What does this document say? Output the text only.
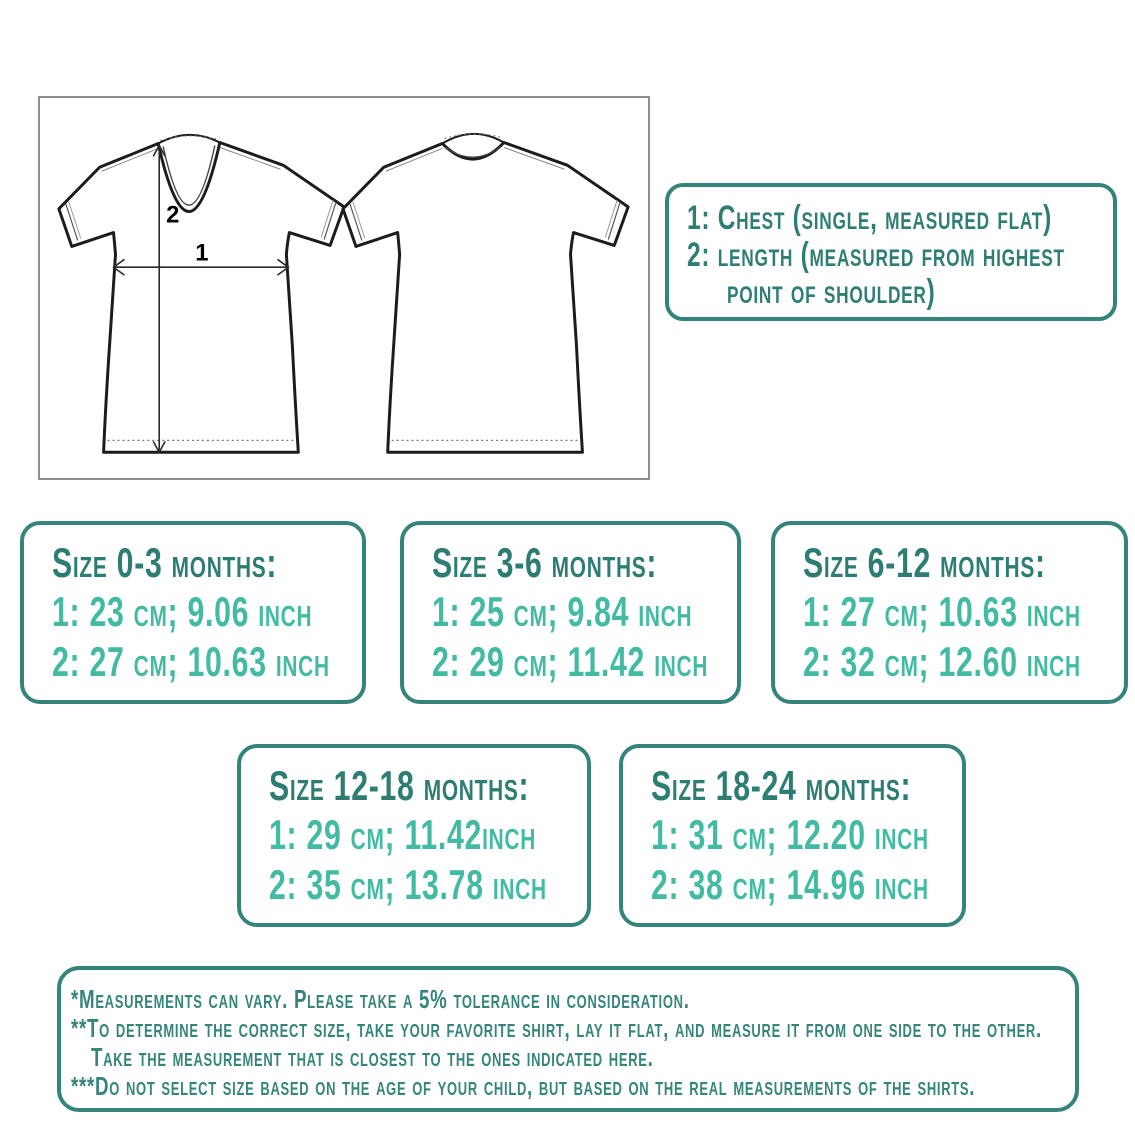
2
1
1: Chest (single, measured flat)
2: length (measured from highest
point of shoulder)
Size 0-3 months:
1: 23 cm; 9.06 inch
2: 27 cm; 10.63 inch
Size 3-6 months:
1: 25 cm; 9.84 inch
2: 29 cm; 11.42 inch
Size 6-12 months:
1: 27 cm; 10.63 inch
2: 32 cm; 12.60 inch
Size 12-18 months:
1: 29 cm; 11.42inch
2: 35 cm; 13.78 inch
Size 18-24 months:
1: 31 cm; 12.20 inch
2: 38 cm; 14.96 inch
*Measurements can vary. Please take a 5% tolerance in consideration.
**To determine the correct size, take your favorite shirt, lay it flat, and measure it from one side to the other.
Take the measurement that is closest to the ones indicated here.
***Do not select size based on the age of your child, but based on the real measurements of the shirts.
